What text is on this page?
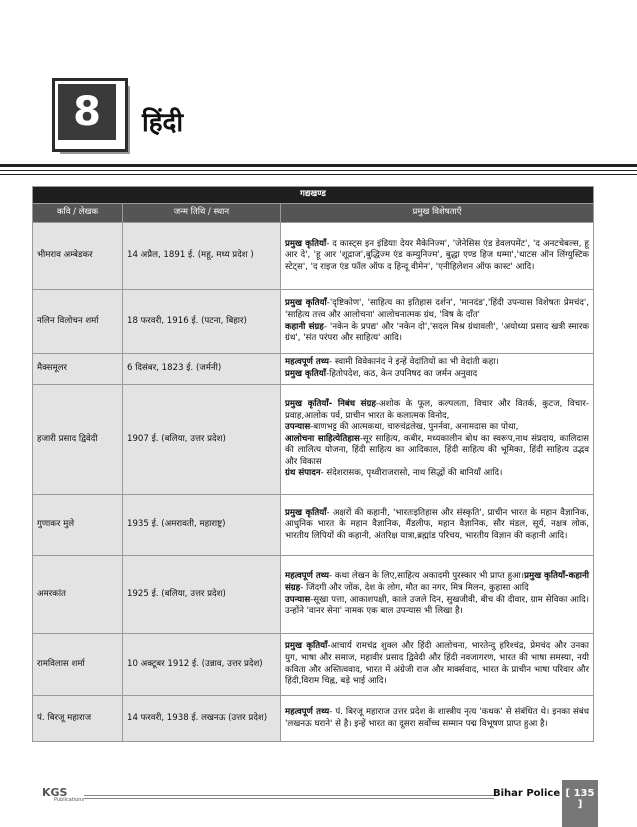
8	हिंदी
गद्यखण्ड		
कवि / लेखक	जन्म तिथि / स्थान	प्रमुख विशेषताएँ
भीमराव अम्बेडकर	14 अप्रैल, 1891 ई. (महू, मध्य प्रदेश )	प्रमुख कृतियाँ- द कास्ट्स इन इंडियाः देयर मैकेनिज्म', 'जेनेसिस एंड डेवलपमेंट', 'द अनटचेबल्स, हू आर दे', 'हू आर 'शूद्राज',बुद्धिज्म एंड कम्युनिज्म', बुद्धा एण्ड हिज धम्मा','थाटस ऑन लिंग्युस्टिक स्टेट्स', 'द राइज एंड फॉल ऑफ द हिन्दू वीमेन', 'एनीहिलेशन ऑफ कास्ट' आदि।
नलिन विलोचन शर्मा	18 फरवरी, 1916 ई. (पटना, बिहार)	प्रमुख कृतियाँ-'दृष्टिकोण', 'साहित्य का इतिहास दर्शन', 'मानदंड','हिंदी उपन्यास विशेषतः प्रेमचंद', 'साहित्य तत्त्व और आलोचना' आलोचनात्मक ग्रंथ, 'विष के दाँत'
कहानी संग्रह- 'नकेन के प्रपद्य' और 'नकेन दो','सदल मिश्र ग्रंथावली', 'अयोध्या प्रसाद खत्री स्मारक ग्रंथ', 'संत परंपरा और साहित्य' आदि।
मैक्समूलर	6 दिसंबर, 1823 ई. (जर्मनी)	महत्वपूर्ण तथ्य- स्वामी विवेकानंद ने इन्हें वेदांतियों का भी वेदांती कहा।
प्रमुख कृतियाँ-हितोपदेश, कठ, केन उपनिषद का जर्मन अनुवाद
हजारी प्रसाद द्विवेदी	1907 ई. (बलिया, उत्तर प्रदेश)	प्रमुख कृतियाँ- निबंध संग्रह-अशोक के फूल, कल्पलता, विचार और वितर्क, कुटज, विचार-प्रवाह,आलोक पर्व, प्राचीन भारत के कलात्मक विनोद,
उपन्यास-बाणभट्ट की आत्मकथा, चारुचंद्रलेख, पुनर्नवा, अनामदास का पोथा,
आलोचना साहित्येतिहास-सूर साहित्य, कबीर, मध्यकालीन बोध का स्वरूप,नाथ संप्रदाय, कालिदास की लालित्य योजना, हिंदी साहित्य का आदिकाल, हिंदी साहित्य की भूमिका, हिंदी साहित्य उद्भव और विकास
ग्रंथ संपादन- संदेशरासक, पृथ्वीराजरासो, नाथ सिद्धों की बानियाँ आदि।
गुणाकर मुले	1935 ई. (अमरावती, महाराष्ट्र)	प्रमुख कृतियाँ- अक्षरों की कहानी, 'भारतःइतिहास और संस्कृति', प्राचीन भारत के महान वैज्ञानिक, आधुनिक भारत के महान वैज्ञानिक, मैंडलीफ, महान वैज्ञानिक, सौर मंडल, सूर्य, नक्षत्र लोक, भारतीय लिपियों की कहानी, अंतरिक्ष यात्रा,ब्रह्मांड परिचय, भारतीय विज्ञान की कहानी आदि।
अमरकांत	1925 ई. (बलिया, उत्तर प्रदेश)	महत्वपूर्ण तथ्य- कथा लेखन के लिए,साहित्य अकादमी पुरस्कार भी प्राप्त हुआ।प्रमुख कृतियाँ-कहानी संग्रह- जिंदगी और जोंक, देश के लोग, मौत का नगर, मित्र मिलन, कुहासा आदि
उपन्यास-सूखा पत्ता, आकाशपक्षी, काले उजले दिन, सुखजीवी, बीच की दीवार, ग्राम सेविका आदि। उन्होंने 'वानर सेना' नामक एक बाल उपन्यास भी लिखा है।
रामविलास शर्मा	10 अक्टूबर 1912 ई. (उन्नाव, उत्तर प्रदेश)	प्रमुख कृतियाँ-आचार्य रामचंद्र शुक्ल और हिंदी आलोचना, भारतेन्दु हरिश्चंद्र, प्रेमचंद और उनका युग, भाषा और समाज, महावीर प्रसाद द्विवेदी और हिंदी नवजागरण, भारत की भाषा समस्या, नयी कविता और अस्तित्ववाद, भारत में अंग्रेजी राज और मार्क्सवाद, भारत के प्राचीन भाषा परिवार और हिंदी,विराम चिह्न, बड़े भाई आदि।
पं. बिरजू महाराज	14 फरवरी, 1938 ई. लखनऊ (उत्तर प्रदेश)	महत्वपूर्ण तथ्य- पं. बिरजू महाराज उत्तर प्रदेश के शास्त्रीय नृत्य 'कथक' से संबंधित थे। इनका संबंध 'लखनऊ घराने' से है। इन्हें भारत का दूसरा सर्वोच्च सम्मान पद्म विभूषण प्राप्त हुआ है।
KGS
Publications
Bihar Police [ 135 ]
